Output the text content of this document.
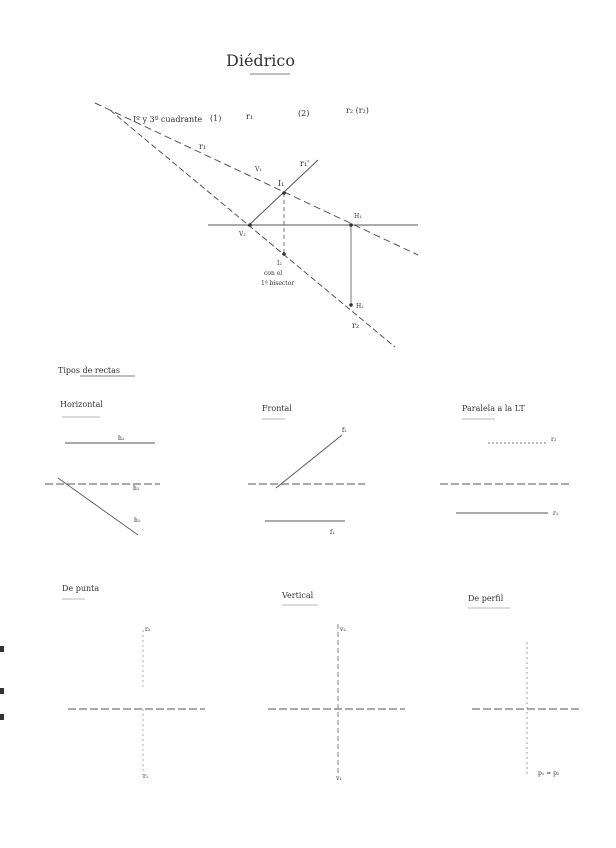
Diédrico
Iº y 3º cuadrante (1)	r₁	(2)	r₂ (r₂)
r₁
V₁
r₁'
I₁
H₁
V₂
H₂
r₂
I₂
con el
1º bisector
Tipos de rectas
Horizontal
h₂
h₁
h₁
Frontal
f₂
f₁
Paralela a la LT
r₂
r₁
De punta
r₂
r₁
Vertical
v₂
v₁
De perfil
p₁ = p₂
